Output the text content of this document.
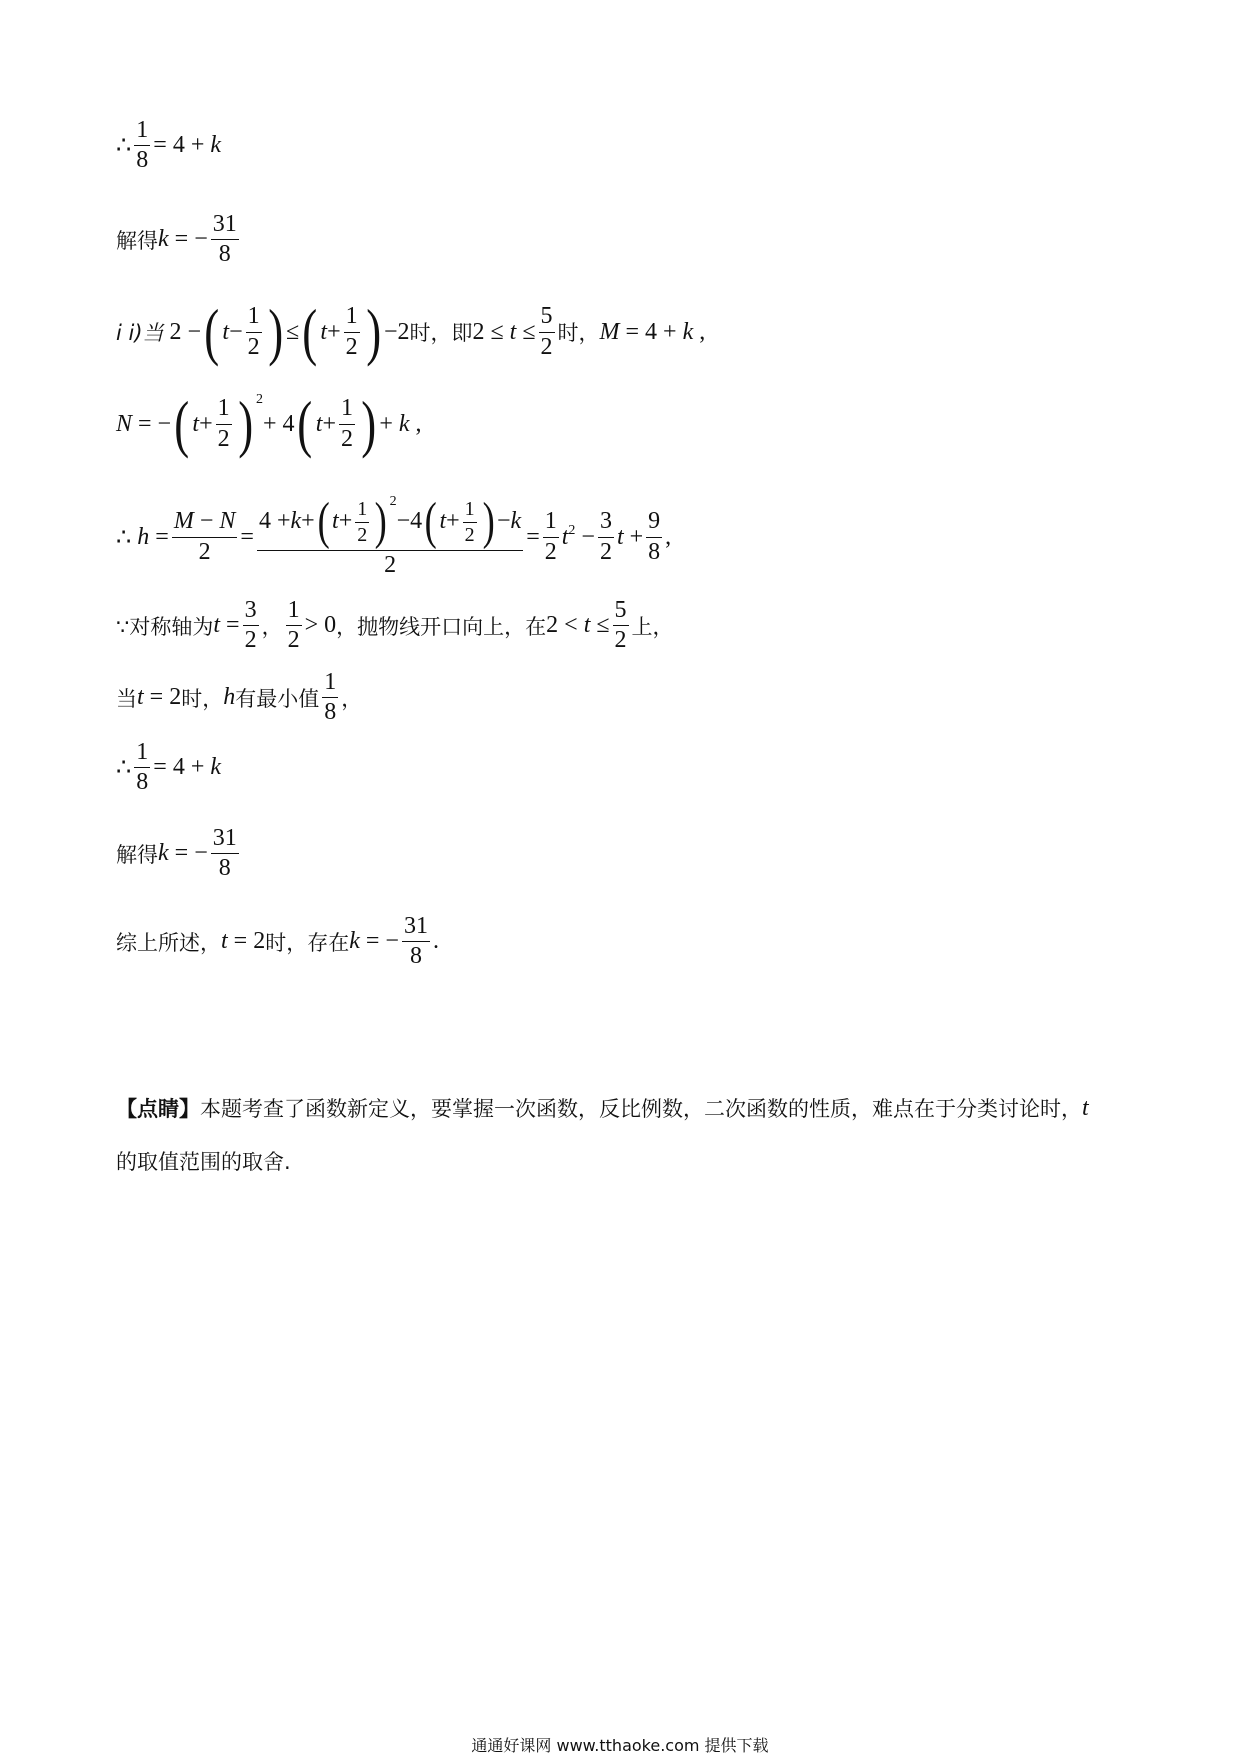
∴ $\frac{1}{8} = 4 + k$
解得 k = − $\frac{31}{8}$
i i)当 2 − ( $t - \frac{1}{2}$ ) ≤ ( $t + \frac{1}{2}$ ) −2 时，即 $2 \le t \le \frac{5}{2}$ 时， M = 4 + k ,
N = − ( $t + \frac{1}{2}$ ) 2
+ 4 ( $t + \frac{1}{2}$ ) + k ,
∴ $h = \frac{M - N}{2} = 4 + k$ + ( $t + \frac{1}{2}$ ) 2
−4 ( $t + \frac{1}{2}$ ) − k
$2 = \frac{1}{2} t^2 - \frac{3}{2}$ $t + \frac{9}{8}$ ,
∵对称轴为 $t = \frac{3}{2}$ ， $\frac{1}{2} > 0$ ，抛物线开口向上，在 $2 < t \le \frac{5}{2}$ 上，
当 t = 2 时， h 有最小值 $\frac{1}{8}$ ，
∴ $\frac{1}{8} = 4 + k$
解得 k = − $\frac{31}{8}$
综上所述， t = 2 时，存在 k = − $\frac{31}{8}$ .
【点睛】 本题考查了函数新定义，要掌握一次函数，反比例数，二次函数的性质，难点在于分类讨论时， t
的取值范围的取舍.
通通好课网 www.tthaoke.com 提供下载
